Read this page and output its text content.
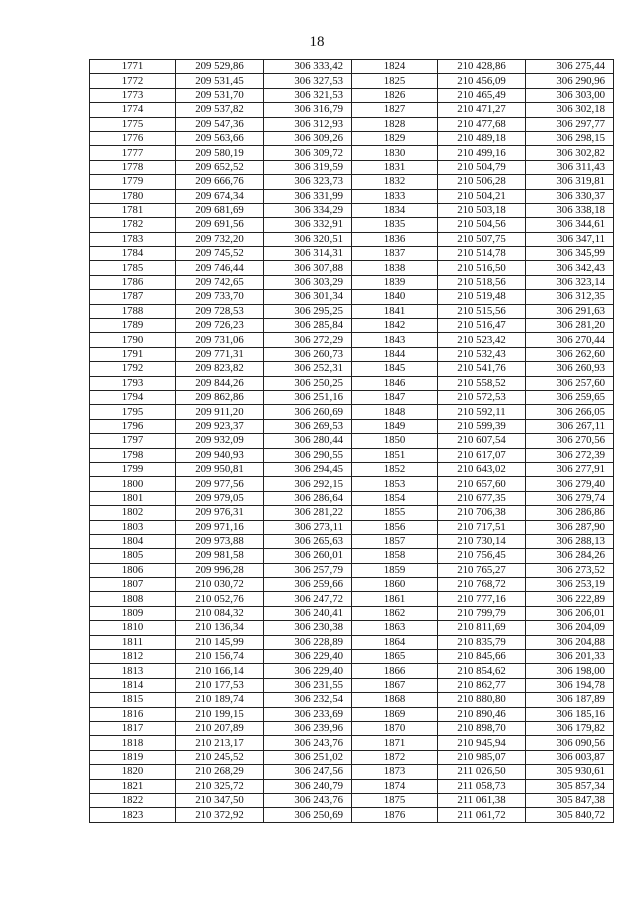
18
1771	209 529,86	306 333,42	1824	210 428,86	306 275,44
1772	209 531,45	306 327,53	1825	210 456,09	306 290,96
1773	209 531,70	306 321,53	1826	210 465,49	306 303,00
1774	209 537,82	306 316,79	1827	210 471,27	306 302,18
1775	209 547,36	306 312,93	1828	210 477,68	306 297,77
1776	209 563,66	306 309,26	1829	210 489,18	306 298,15
1777	209 580,19	306 309,72	1830	210 499,16	306 302,82
1778	209 652,52	306 319,59	1831	210 504,79	306 311,43
1779	209 666,76	306 323,73	1832	210 506,28	306 319,81
1780	209 674,34	306 331,99	1833	210 504,21	306 330,37
1781	209 681,69	306 334,29	1834	210 503,18	306 338,18
1782	209 691,56	306 332,91	1835	210 504,56	306 344,61
1783	209 732,20	306 320,51	1836	210 507,75	306 347,11
1784	209 745,52	306 314,31	1837	210 514,78	306 345,99
1785	209 746,44	306 307,88	1838	210 516,50	306 342,43
1786	209 742,65	306 303,29	1839	210 518,56	306 323,14
1787	209 733,70	306 301,34	1840	210 519,48	306 312,35
1788	209 728,53	306 295,25	1841	210 515,56	306 291,63
1789	209 726,23	306 285,84	1842	210 516,47	306 281,20
1790	209 731,06	306 272,29	1843	210 523,42	306 270,44
1791	209 771,31	306 260,73	1844	210 532,43	306 262,60
1792	209 823,82	306 252,31	1845	210 541,76	306 260,93
1793	209 844,26	306 250,25	1846	210 558,52	306 257,60
1794	209 862,86	306 251,16	1847	210 572,53	306 259,65
1795	209 911,20	306 260,69	1848	210 592,11	306 266,05
1796	209 923,37	306 269,53	1849	210 599,39	306 267,11
1797	209 932,09	306 280,44	1850	210 607,54	306 270,56
1798	209 940,93	306 290,55	1851	210 617,07	306 272,39
1799	209 950,81	306 294,45	1852	210 643,02	306 277,91
1800	209 977,56	306 292,15	1853	210 657,60	306 279,40
1801	209 979,05	306 286,64	1854	210 677,35	306 279,74
1802	209 976,31	306 281,22	1855	210 706,38	306 286,86
1803	209 971,16	306 273,11	1856	210 717,51	306 287,90
1804	209 973,88	306 265,63	1857	210 730,14	306 288,13
1805	209 981,58	306 260,01	1858	210 756,45	306 284,26
1806	209 996,28	306 257,79	1859	210 765,27	306 273,52
1807	210 030,72	306 259,66	1860	210 768,72	306 253,19
1808	210 052,76	306 247,72	1861	210 777,16	306 222,89
1809	210 084,32	306 240,41	1862	210 799,79	306 206,01
1810	210 136,34	306 230,38	1863	210 811,69	306 204,09
1811	210 145,99	306 228,89	1864	210 835,79	306 204,88
1812	210 156,74	306 229,40	1865	210 845,66	306 201,33
1813	210 166,14	306 229,40	1866	210 854,62	306 198,00
1814	210 177,53	306 231,55	1867	210 862,77	306 194,78
1815	210 189,74	306 232,54	1868	210 880,80	306 187,89
1816	210 199,15	306 233,69	1869	210 890,46	306 185,16
1817	210 207,89	306 239,96	1870	210 898,70	306 179,82
1818	210 213,17	306 243,76	1871	210 945,94	306 090,56
1819	210 245,52	306 251,02	1872	210 985,07	306 003,87
1820	210 268,29	306 247,56	1873	211 026,50	305 930,61
1821	210 325,72	306 240,79	1874	211 058,73	305 857,34
1822	210 347,50	306 243,76	1875	211 061,38	305 847,38
1823	210 372,92	306 250,69	1876	211 061,72	305 840,72
